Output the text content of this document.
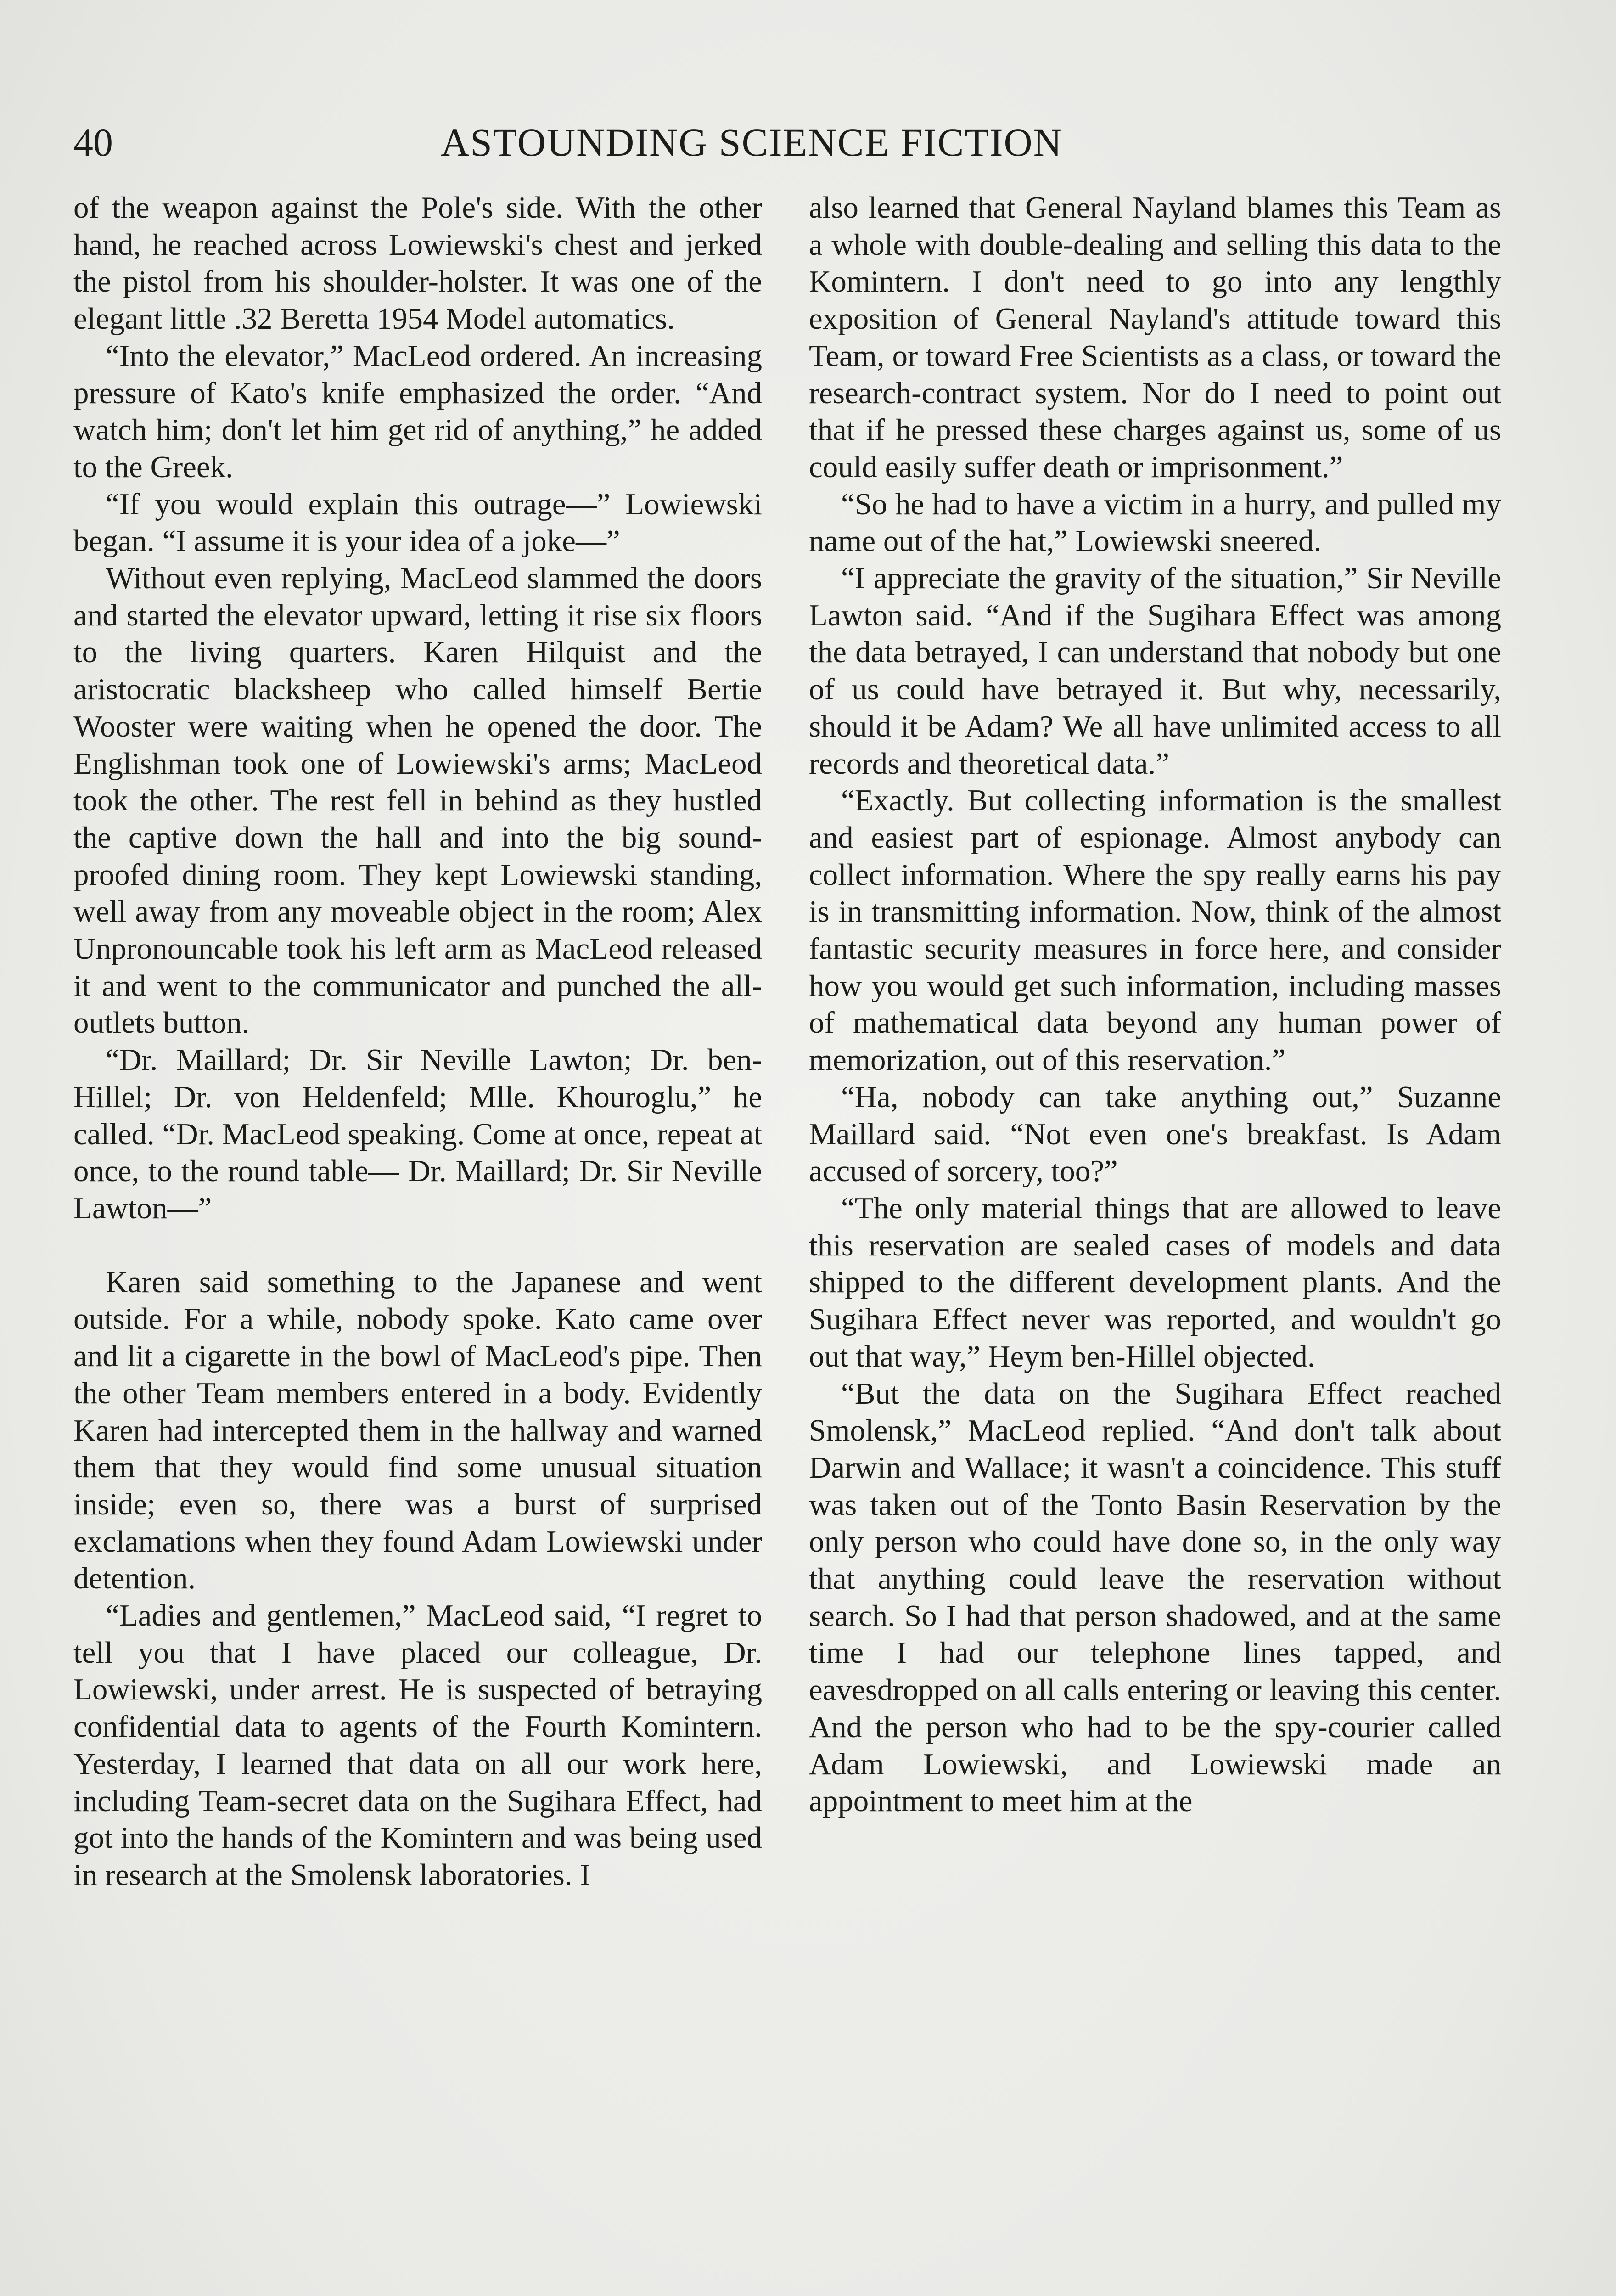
40	ASTOUNDING SCIENCE FICTION

of the weapon against the Pole's side. With the other hand, he reached across Lowiewski's chest and jerked the pistol from his shoulder-holster. It was one of the elegant little .32 Beretta 1954 Model automatics.

“Into the elevator,” MacLeod ordered. An increasing pressure of Kato's knife emphasized the order. “And watch him; don't let him get rid of anything,” he added to the Greek.

“If you would explain this outrage—” Lowiewski began. “I assume it is your idea of a joke—”

Without even replying, MacLeod slammed the doors and started the elevator upward, letting it rise six floors to the living quarters. Karen Hilquist and the aristocratic blacksheep who called himself Bertie Wooster were waiting when he opened the door. The Englishman took one of Lowiewski's arms; MacLeod took the other. The rest fell in behind as they hustled the captive down the hall and into the big sound-proofed dining room. They kept Lowiewski standing, well away from any moveable object in the room; Alex Unpronouncable took his left arm as MacLeod released it and went to the communicator and punched the all-outlets button.

“Dr. Maillard; Dr. Sir Neville Lawton; Dr. ben-Hillel; Dr. von Heldenfeld; Mlle. Khouroglu,” he called. “Dr. MacLeod speaking. Come at once, repeat at once, to the round table— Dr. Maillard; Dr. Sir Neville Lawton—”

Karen said something to the Japanese and went outside. For a while, nobody spoke. Kato came over and lit a cigarette in the bowl of MacLeod's pipe. Then the other Team members entered in a body. Evidently Karen had intercepted them in the hallway and warned them that they would find some unusual situation inside; even so, there was a burst of surprised exclamations when they found Adam Lowiewski under detention.

“Ladies and gentlemen,” MacLeod said, “I regret to tell you that I have placed our colleague, Dr. Lowiewski, under arrest. He is suspected of betraying confidential data to agents of the Fourth Komintern. Yesterday, I learned that data on all our work here, including Team-secret data on the Sugihara Effect, had got into the hands of the Komintern and was being used in research at the Smolensk laboratories. I

also learned that General Nayland blames this Team as a whole with double-dealing and selling this data to the Komintern. I don't need to go into any lengthly exposition of General Nayland's attitude toward this Team, or toward Free Scientists as a class, or toward the research-contract system. Nor do I need to point out that if he pressed these charges against us, some of us could easily suffer death or imprisonment.”

“So he had to have a victim in a hurry, and pulled my name out of the hat,” Lowiewski sneered.

“I appreciate the gravity of the situation,” Sir Neville Lawton said. “And if the Sugihara Effect was among the data betrayed, I can understand that nobody but one of us could have betrayed it. But why, necessarily, should it be Adam? We all have unlimited access to all records and theoretical data.”

“Exactly. But collecting information is the smallest and easiest part of espionage. Almost anybody can collect information. Where the spy really earns his pay is in transmitting information. Now, think of the almost fantastic security measures in force here, and consider how you would get such information, including masses of mathematical data beyond any human power of memorization, out of this reservation.”

“Ha, nobody can take anything out,” Suzanne Maillard said. “Not even one's breakfast. Is Adam accused of sorcery, too?”

“The only material things that are allowed to leave this reservation are sealed cases of models and data shipped to the different development plants. And the Sugihara Effect never was reported, and wouldn't go out that way,” Heym ben-Hillel objected.

“But the data on the Sugihara Effect reached Smolensk,” MacLeod replied. “And don't talk about Darwin and Wallace; it wasn't a coincidence. This stuff was taken out of the Tonto Basin Reservation by the only person who could have done so, in the only way that anything could leave the reservation without search. So I had that person shadowed, and at the same time I had our telephone lines tapped, and eavesdropped on all calls entering or leaving this center. And the person who had to be the spy-courier called Adam Lowiewski, and Lowiewski made an appointment to meet him at the
